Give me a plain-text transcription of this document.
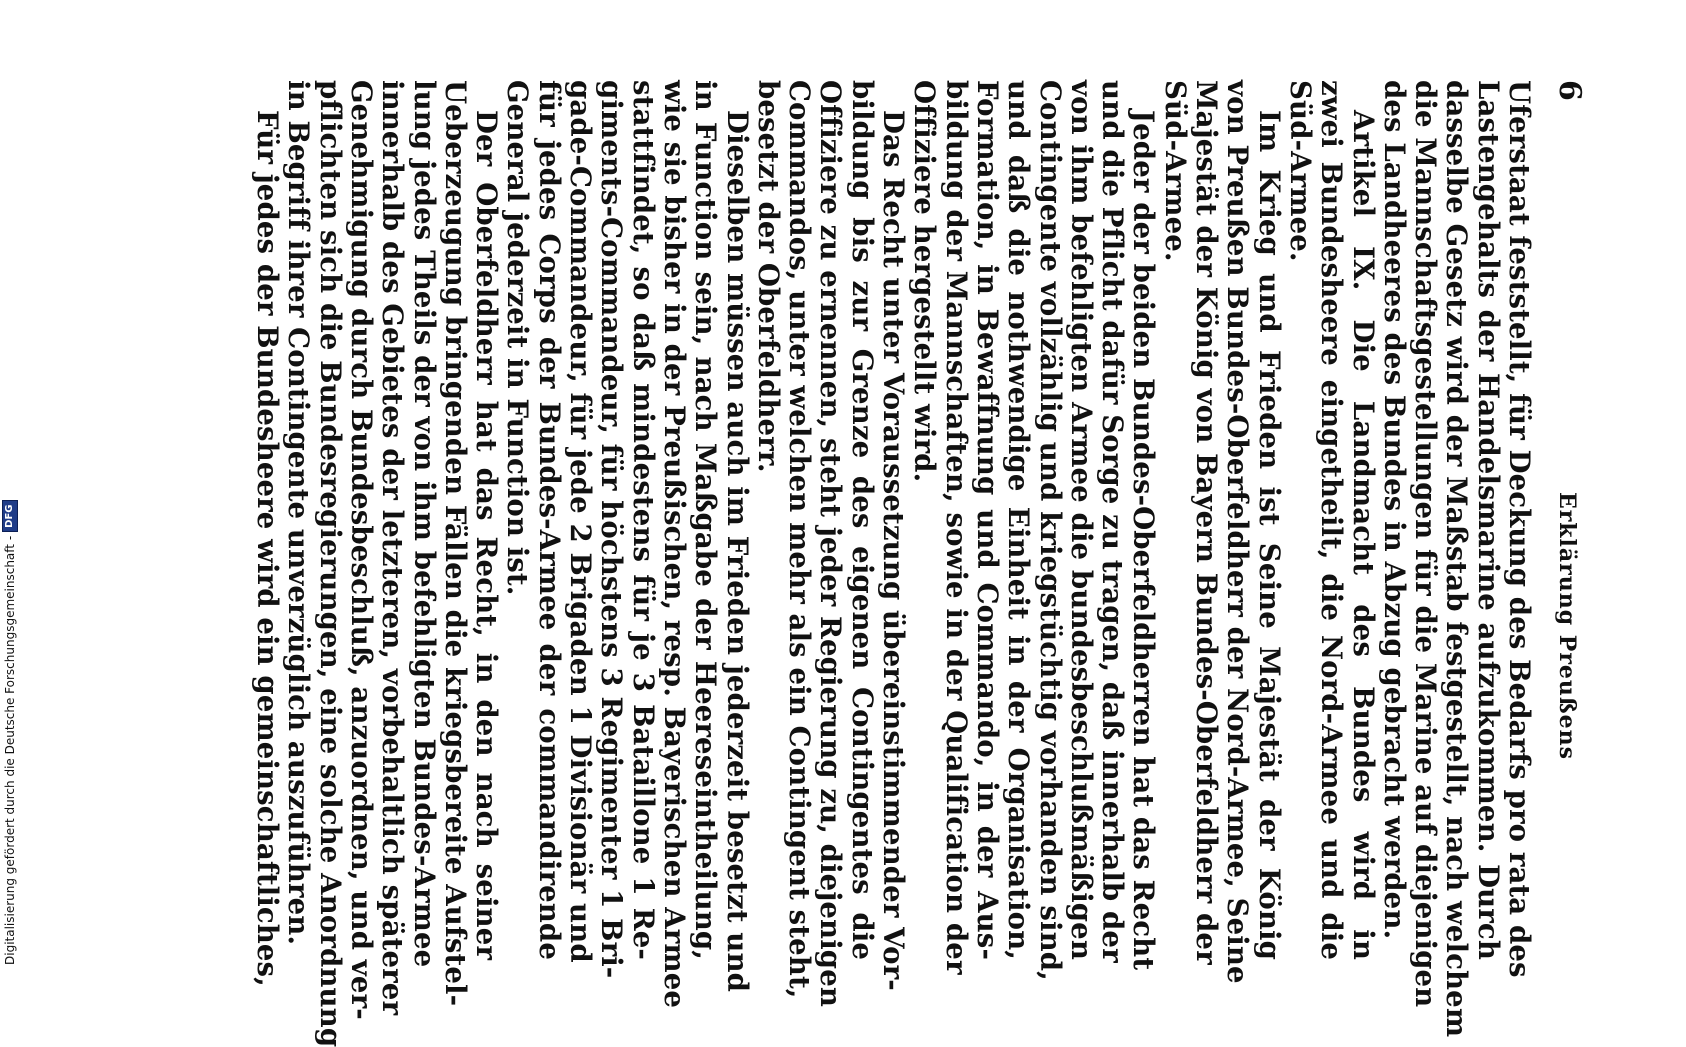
6
Erklärung Preußens
Uferstaat feststellt, für Deckung des Bedarfs pro rata des
Lastengehalts der Handelsmarine aufzukommen. Durch
dasselbe Gesetz wird der Maßstab festgestellt, nach welchem
die Mannschaftsgestellungen für die Marine auf diejenigen
des Landheeres des Bundes in Abzug gebracht werden.
Artikel IX. Die Landmacht des Bundes wird in
zwei Bundesheere eingetheilt, die Nord-Armee und die
Süd-Armee.
Im Krieg und Frieden ist Seine Majestät der König
von Preußen Bundes-Oberfeldherr der Nord-Armee, Seine
Majestät der König von Bayern Bundes-Oberfeldherr der
Süd-Armee.
Jeder der beiden Bundes-Oberfeldherren hat das Recht
und die Pflicht dafür Sorge zu tragen, daß innerhalb der
von ihm befehligten Armee die bundesbeschlußmäßigen
Contingente vollzählig und kriegstüchtig vorhanden sind,
und daß die nothwendige Einheit in der Organisation,
Formation, in Bewaffnung und Commando, in der Aus-
bildung der Mannschaften, sowie in der Qualification der
Offiziere hergestellt wird.
Das Recht unter Voraussetzung übereinstimmender Vor-
bildung bis zur Grenze des eigenen Contingentes die
Offiziere zu ernennen, steht jeder Regierung zu, diejenigen
Commandos, unter welchen mehr als ein Contingent steht,
besetzt der Oberfeldherr.
Dieselben müssen auch im Frieden jederzeit besetzt und
in Function sein, nach Maßgabe der Heereseintheilung,
wie sie bisher in der Preußischen, resp. Bayerischen Armee
stattfindet, so daß mindestens für je 3 Bataillone 1 Re-
giments-Commandeur, für höchstens 3 Regimenter 1 Bri-
gade-Commandeur, für jede 2 Brigaden 1 Divisionär und
für jedes Corps der Bundes-Armee der commandirende
General jederzeit in Function ist.
Der Oberfeldherr hat das Recht, in den nach seiner
Ueberzeugung bringenden Fällen die kriegsbereite Aufstel-
lung jedes Theils der von ihm befehligten Bundes-Armee
innerhalb des Gebietes der letzteren, vorbehaltlich späterer
Genehmigung durch Bundesbeschluß, anzuordnen, und ver-
pflichten sich die Bundesregierungen, eine solche Anordnung
in Begriff ihrer Contingente unverzüglich auszuführen.
Für jedes der Bundesheere wird ein gemeinschaftliches,
Digitalisierung gefördert durch die Deutsche Forschungsgemeinschaft -
DFG
